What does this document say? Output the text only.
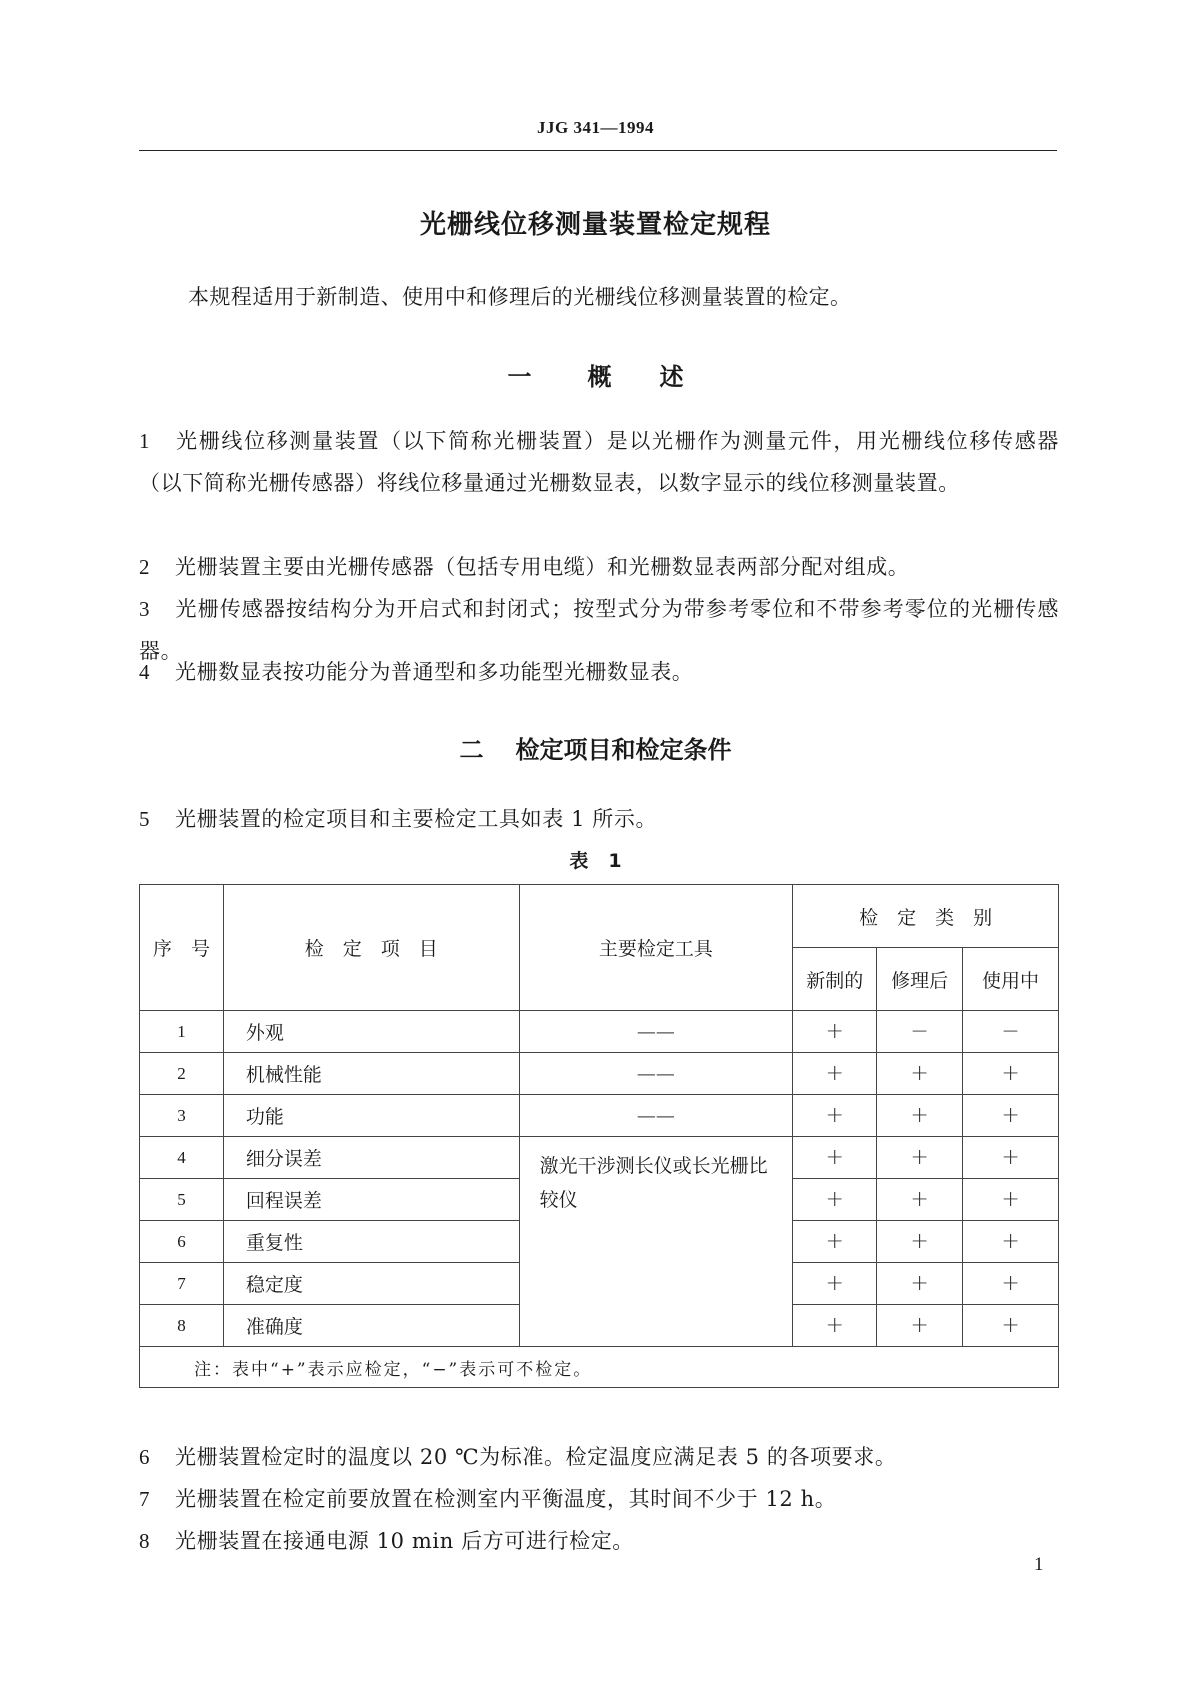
JJG 341—1994
光栅线位移测量装置检定规程
本规程适用于新制造、使用中和修理后的光栅线位移测量装置的检定。
一 概　　述
1 光栅线位移测量装置（以下简称光栅装置）是以光栅作为测量元件，用光栅线位移传感器（以下简称光栅传感器）将线位移量通过光栅数显表，以数字显示的线位移测量装置。
2 光栅装置主要由光栅传感器（包括专用电缆）和光栅数显表两部分配对组成。
3 光栅传感器按结构分为开启式和封闭式；按型式分为带参考零位和不带参考零位的光栅传感器。
4 光栅数显表按功能分为普通型和多功能型光栅数显表。
二 检定项目和检定条件
5 光栅装置的检定项目和主要检定工具如表 1 所示。
表 1
序　号	检　定　项　目	主要检定工具	检　定　类　别		
			新制的	修理后	使用中
1	外观	——	+	−	−
2	机械性能	——	+	+	+
3	功能	——	+	+	+
4	细分误差	激光干涉测长仪或长光栅比较仪	+	+	+
5	回程误差		+	+	+
6	重复性		+	+	+
7	稳定度		+	+	+
8	准确度		+	+	+
注：表中“+”表示应检定，“−”表示可不检定。					
6 光栅装置检定时的温度以 20 ℃为标准。检定温度应满足表 5 的各项要求。
7 光栅装置在检定前要放置在检测室内平衡温度，其时间不少于 12 h。
8 光栅装置在接通电源 10 min 后方可进行检定。
1
